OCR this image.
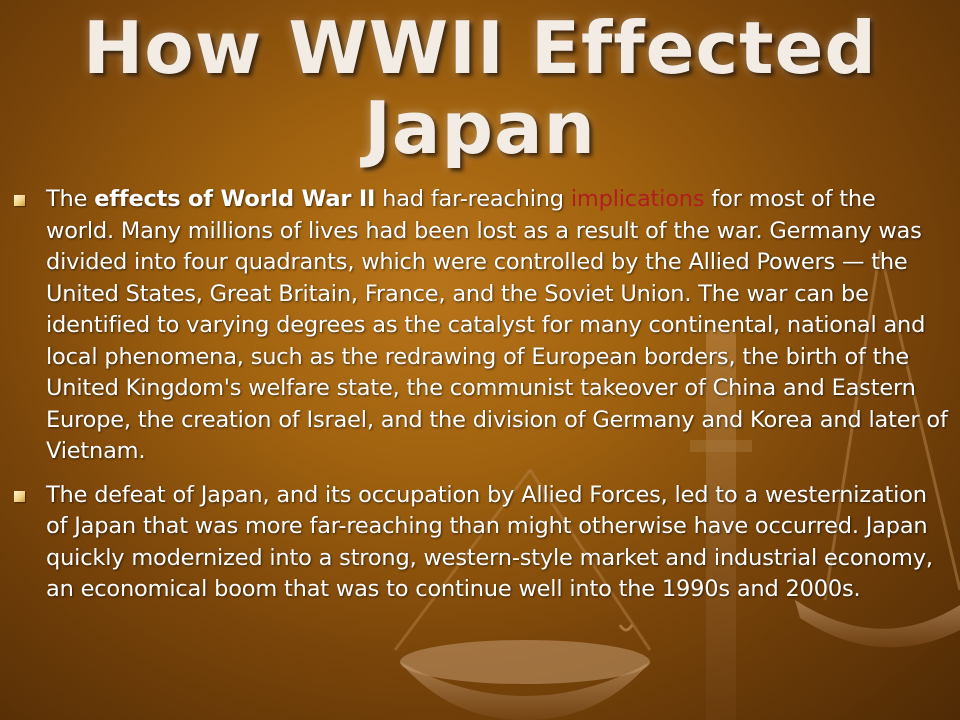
How WWII Effected
Japan
The effects of World War II had far-reaching implications for most of the world. Many millions of lives had been lost as a result of the war. Germany was divided into four quadrants, which were controlled by the Allied Powers — the United States, Great Britain, France, and the Soviet Union. The war can be identified to varying degrees as the catalyst for many continental, national and local phenomena, such as the redrawing of European borders, the birth of the United Kingdom's welfare state, the communist takeover of China and Eastern Europe, the creation of Israel, and the division of Germany and Korea and later of Vietnam.
The defeat of Japan, and its occupation by Allied Forces, led to a westernization of Japan that was more far-reaching than might otherwise have occurred. Japan quickly modernized into a strong, western-style market and industrial economy, an economical boom that was to continue well into the 1990s and 2000s.
